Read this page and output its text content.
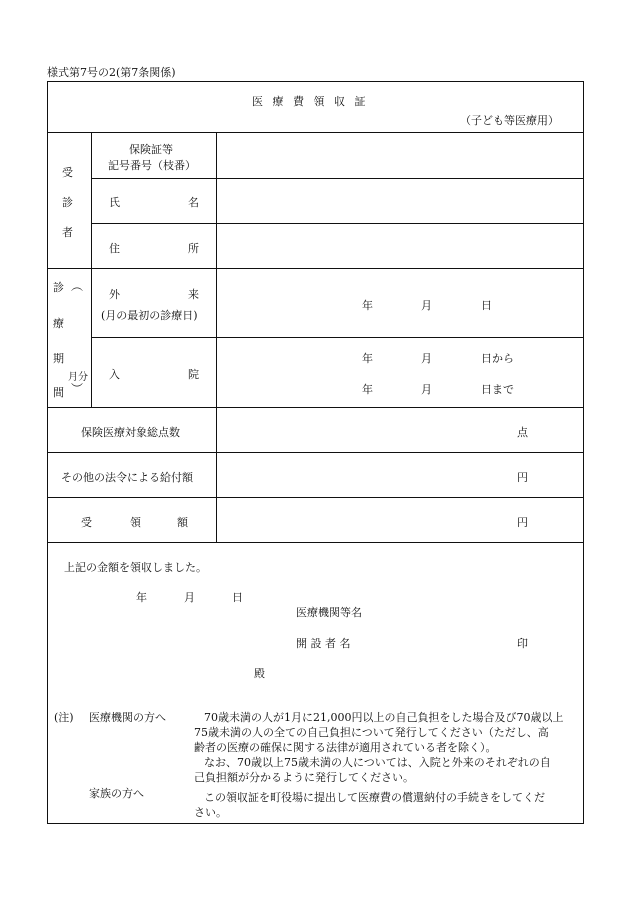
様式第7号の2(第7条関係)
医 療 費 領 収 証
（子ども等医療用）
受
診
者
保険証等
記号番号（枝番）
氏	名
住	所
診 ︵
療
期
月分
︶
間
外	来
(月の最初の診療日)
年	月	日
入	院
年	月	日から
年	月	日まで
保険医療対象総点数	点
その他の法令による給付額	円
受	領	額	円
上記の金額を領収しました。
年	月	日
医療機関等名
開 設 者 名	印
殿
(注) 医療機関の方へ	70歳未満の人が1月に21,000円以上の自己負担をした場合及び70歳以上
75歳未満の人の全ての自己負担について発行してください（ただし、高
齢者の医療の確保に関する法律が適用されている者を除く）。
なお、70歳以上75歳未満の人については、入院と外来のそれぞれの自
己負担額が分かるように発行してください。
家族の方へ	この領収証を町役場に提出して医療費の償還納付の手続きをしてくだ
さい。
